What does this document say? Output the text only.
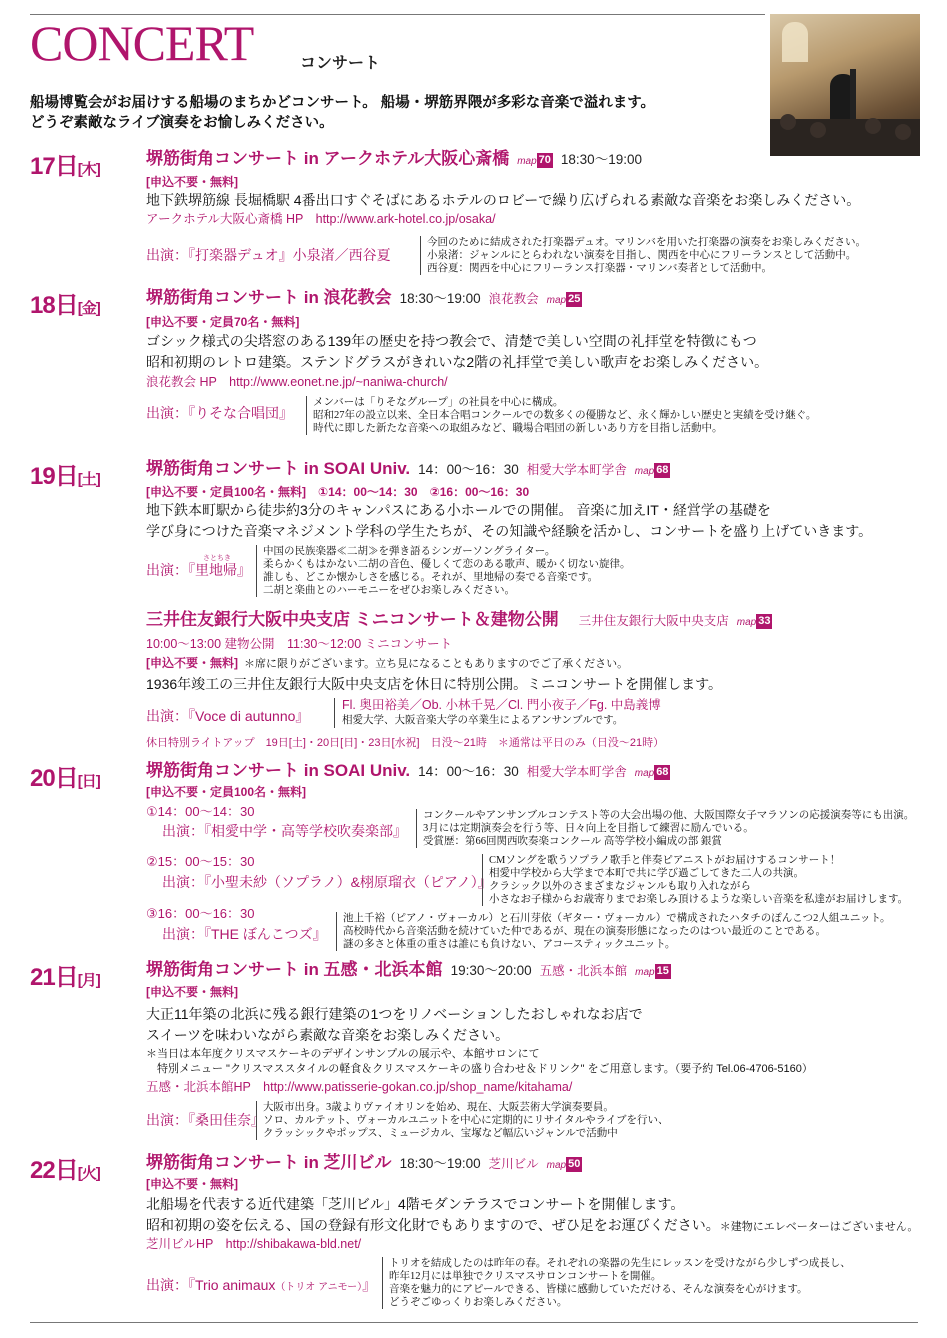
CONCERT	コンサート
船場博覧会がお届けする船場のまちかどコンサート。 船場・堺筋界隈が多彩な音楽で溢れます。
どうぞ素敵なライブ演奏をお愉しみください。
17日[木]
堺筋街角コンサート in アークホテル大阪心斎橋 map 70 18:30～19:00
[申込不要・無料]
地下鉄堺筋線 長堀橋駅 4番出口すぐそばにあるホテルのロビーで繰り広げられる素敵な音楽をお楽しみください。
アークホテル大阪心斎橋 HP　http://www.ark-hotel.co.jp/osaka/
出演：『打楽器デュオ』小泉渚／西谷夏
今回のために結成された打楽器デュオ。マリンバを用いた打楽器の演奏をお楽しみください。
小泉渚：ジャンルにとらわれない演奏を目指し、関西を中心にフリーランスとして活動中。
西谷夏：関西を中心にフリーランス打楽器・マリンバ奏者として活動中。
18日[金]
堺筋街角コンサート in 浪花教会 18:30～19:00 浪花教会 map 25
[申込不要・定員70名・無料]
ゴシック様式の尖塔窓のある139年の歴史を持つ教会で、清楚で美しい空間の礼拝堂を特徴にもつ
昭和初期のレトロ建築。ステンドグラスがきれいな2階の礼拝堂で美しい歌声をお楽しみください。
浪花教会 HP　http://www.eonet.ne.jp/~naniwa-church/
出演：『りそな合唱団』
メンバーは「りそなグループ」の社員を中心に構成。
昭和27年の設立以来、全日本合唱コンクールでの数多くの優勝など、永く輝かしい歴史と実績を受け継ぐ。
時代に即した新たな音楽への取組みなど、職場合唱団の新しいあり方を目指し活動中。
19日[土]
堺筋街角コンサート in SOAI Univ. 14：00～16：30 相愛大学本町学舎 map 68
[申込不要・定員100名・無料]　①14：00～14：30　②16：00～16：30
地下鉄本町駅から徒歩約3分のキャンパスにある小ホールでの開催。 音楽に加えIT・経営学の基礎を
学び身につけた音楽マネジメント学科の学生たちが、その知識や経験を活かし、コンサートを盛り上げていきます。
さとちき
出演：『里地帰』
中国の民族楽器≪二胡≫を弾き語るシンガーソングライター。
柔らかくもはかない二胡の音色、優しくて恋のある歌声、暖かく切ない旋律。
誰しも、どこか懐かしさを感じる。それが、里地帰の奏でる音楽です。
二胡と楽曲とのハーモニーをぜひお楽しみください。
三井住友銀行大阪中央支店 ミニコンサート＆建物公開 三井住友銀行大阪中央支店 map 33
10:00～13:00 建物公開　11:30～12:00 ミニコンサート
[申込不要・無料] ＊席に限りがございます。立ち見になることもありますのでご了承ください。
1936年竣工の三井住友銀行大阪中央支店を休日に特別公開。ミニコンサートを開催します。
出演：『Voce di autunno』
Fl. 奥田裕美／Ob. 小林千晃／Cl. 門小夜子／Fg. 中島義博
相愛大学、大阪音楽大学の卒業生によるアンサンブルです。
休日特別ライトアップ　19日[土]・20日[日]・23日[水祝]　日没～21時　＊通常は平日のみ（日没～21時）
20日[日]
堺筋街角コンサート in SOAI Univ. 14：00～16：30 相愛大学本町学舎 map 68
[申込不要・定員100名・無料]
①14：00～14：30
出演：『相愛中学・高等学校吹奏楽部』
コンクールやアンサンブルコンテスト等の大会出場の他、大阪国際女子マラソンの応援演奏等にも出演。
3月には定期演奏会を行う等、日々向上を目指して練習に励んでいる。
受賞歴：第66回関西吹奏楽コンクール 高等学校小編成の部 銀賞
②15：00～15：30
出演：『小聖未紗（ソプラノ）&栩原瑠衣（ピアノ）』
CMソングを歌うソプラノ歌手と伴奏ピアニストがお届けするコンサート！
相愛中学校から大学まで本町で共に学び過ごしてきた二人の共演。
クラシック以外のさまざまなジャンルも取り入れながら
小さなお子様からお歳寄りまでお楽しみ頂けるような楽しい音楽を私達がお届けします。
③16：00～16：30
出演：『THE ぼんこつズ』
池上千裕（ピアノ・ヴォーカル）と石川芽依（ギター・ヴォーカル）で構成されたハタチのぽんこつ2人組ユニット。
高校時代から音楽活動を続けていた仲であるが、現在の演奏形態になったのはつい最近のことである。
謎の多さと体重の重さは誰にも負けない、アコースティックユニット。
21日[月]
堺筋街角コンサート in 五感・北浜本館 19:30～20:00 五感・北浜本館 map 15
[申込不要・無料]
大正11年築の北浜に残る銀行建築の1つをリノベーションしたおしゃれなお店で
スイーツを味わいながら素敵な音楽をお楽しみください。
＊当日は本年度クリスマスケーキのデザインサンプルの展示や、本館サロンにて
　特別メニュー "クリスマススタイルの軽食＆クリスマスケーキの盛り合わせ＆ドリンク" をご用意します。（要予約 Tel.06-4706-5160）
五感・北浜本館HP　http://www.patisserie-gokan.co.jp/shop_name/kitahama/
出演：『桑田佳奈』
大阪市出身。3歳よりヴァイオリンを始め、現在、大阪芸術大学演奏要員。
ソロ、カルテット、ヴォーカルユニットを中心に定期的にリサイタルやライブを行い、
クラッシックやポップス、ミュージカル、宝塚など幅広いジャンルで活動中
22日[火]
堺筋街角コンサート in 芝川ビル 18:30～19:00 芝川ビル map 50
[申込不要・無料]
北船場を代表する近代建築「芝川ビル」4階モダンテラスでコンサートを開催します。
昭和初期の姿を伝える、国の登録有形文化財でもありますので、ぜひ足をお運びください。＊建物にエレベーターはございません。
芝川ビルHP　http://shibakawa-bld.net/
出演：『Trio animaux（トリオ アニモー）』
トリオを結成したのは昨年の春。それぞれの楽器の先生にレッスンを受けながら少しずつ成長し、
昨年12月には単独でクリスマスサロンコンサートを開催。
音楽を魅力的にアピールできる、皆様に感動していただける、そんな演奏を心がけます。
どうぞごゆっくりお楽しみください。
